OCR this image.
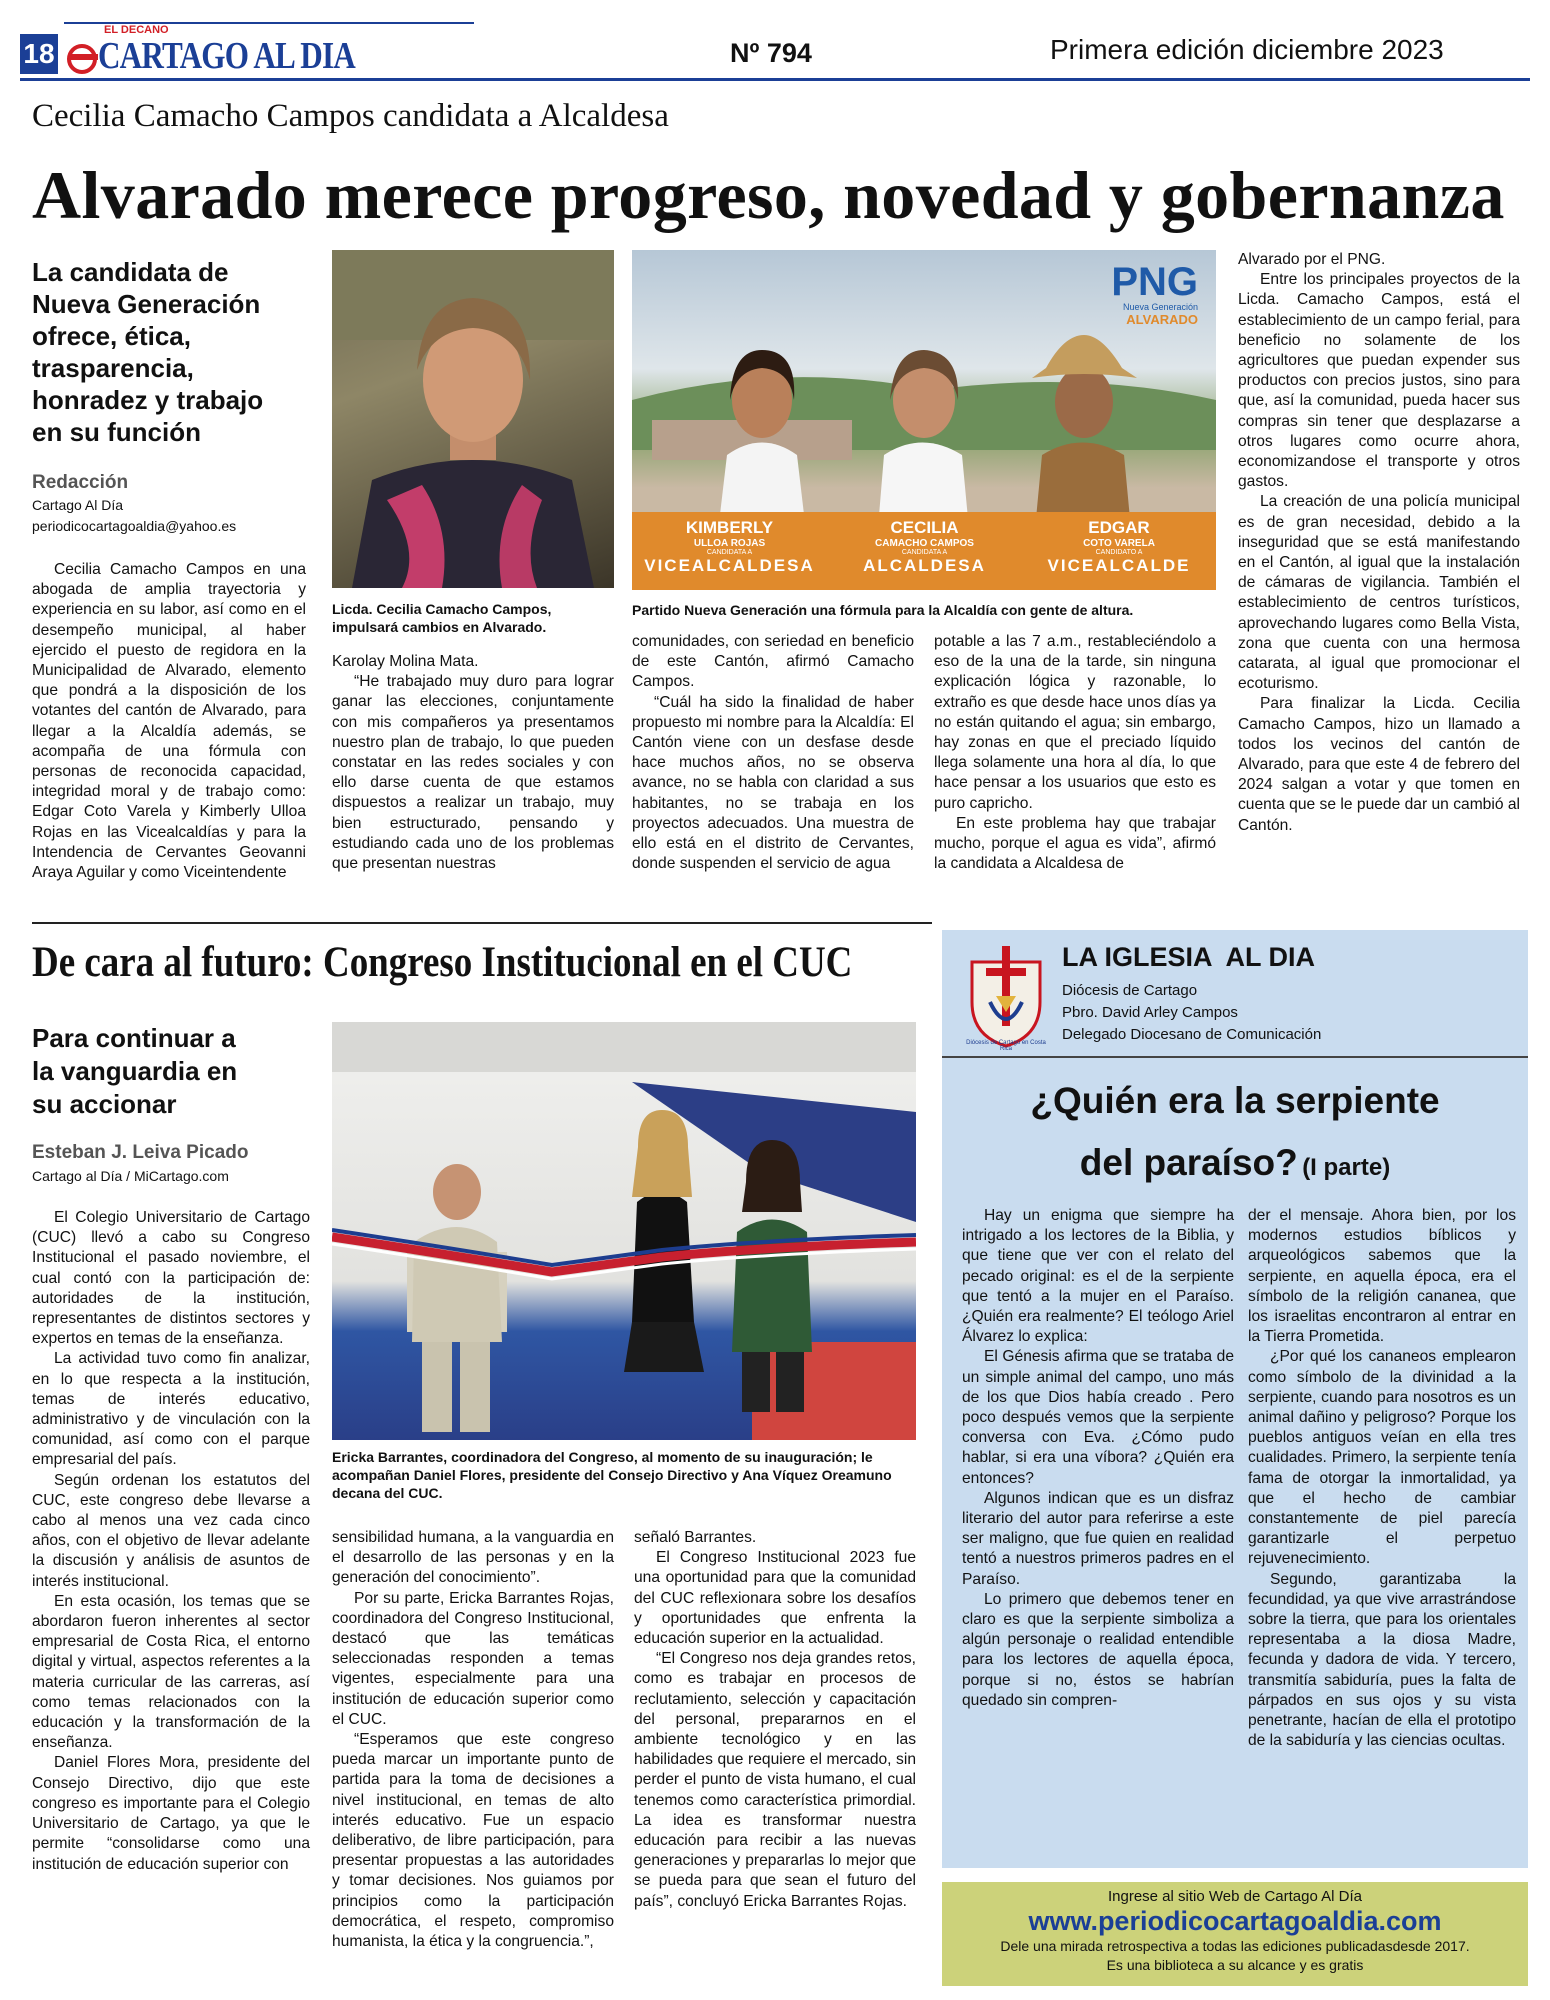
18
EL DECANO
CARTAGO AL DIA	Nº 794	Primera edición diciembre 2023
Cecilia Camacho Campos candidata a Alcaldesa
Alvarado merece progreso, novedad y gobernanza
La candidata de Nueva Generación ofrece, ética, trasparencia, honradez y trabajo en su función
Redacción
Cartago Al Día
periodicocartagoaldia@yahoo.es

Cecilia Camacho Campos en una abogada de amplia trayectoria y experiencia en su labor, así como en el desempeño municipal, al haber ejercido el puesto de regidora en la Municipalidad de Alvarado, elemento que pondrá a la disposición de los votantes del cantón de Alvarado, para llegar a la Alcaldía además, se acompaña de una fórmula con personas de reconocida capacidad, integridad moral y de trabajo como: Edgar Coto Varela y Kimberly Ulloa Rojas en las Vicealcaldías y para la Intendencia de Cervantes Geovanni Araya Aguilar y como Viceintendente

Licda. Cecilia Camacho Campos, impulsará cambios en Alvarado.

Karolay Molina Mata.

“He trabajado muy duro para lograr ganar las elecciones, conjuntamente con mis compañeros ya presentamos nuestro plan de trabajo, lo que pueden constatar en las redes sociales y con ello darse cuenta de que estamos dispuestos a realizar un trabajo, muy bien estructurado, pensando y estudiando cada uno de los problemas que presentan nuestras

PNG
Nueva Generación
ALVARADO
KIMBERLY
ULLOA ROJAS
CANDIDATA A
VICEALCALDESA
CECILIA
CAMACHO CAMPOS
CANDIDATA A
ALCALDESA
EDGAR
COTO VARELA
CANDIDATO A
VICEALCALDE
Partido Nueva Generación una fórmula para la Alcaldía con gente de altura.

comunidades, con seriedad en beneficio de este Cantón, afirmó Camacho Campos.

“Cuál ha sido la finalidad de haber propuesto mi nombre para la Alcaldía: El Cantón viene con un desfase desde hace muchos años, no se observa avance, no se habla con claridad a sus habitantes, no se trabaja en los proyectos adecuados. Una muestra de ello está en el distrito de Cervantes, donde suspenden el servicio de agua

potable a las 7 a.m., restableciéndolo a eso de la una de la tarde, sin ninguna explicación lógica y razonable, lo extraño es que desde hace unos días ya no están quitando el agua; sin embargo, hay zonas en que el preciado líquido llega solamente una hora al día, lo que hace pensar a los usuarios que esto es puro capricho.

En este problema hay que trabajar mucho, porque el agua es vida”, afirmó la candidata a Alcaldesa de

Alvarado por el PNG.

Entre los principales proyectos de la Licda. Camacho Campos, está el establecimiento de un campo ferial, para beneficio no solamente de los agricultores que puedan expender sus productos con precios justos, sino para que, así la comunidad, pueda hacer sus compras sin tener que desplazarse a otros lugares como ocurre ahora, economizandose el transporte y otros gastos.

La creación de una policía municipal es de gran necesidad, debido a la inseguridad que se está manifestando en el Cantón, al igual que la instalación de cámaras de vigilancia. También el establecimiento de centros turísticos, aprovechando lugares como Bella Vista, zona que cuenta con una hermosa catarata, al igual que promocionar el ecoturismo.

Para finalizar la Licda. Cecilia Camacho Campos, hizo un llamado a todos los vecinos del cantón de Alvarado, para que este 4 de febrero del 2024 salgan a votar y que tomen en cuenta que se le puede dar un cambió al Cantón.

De cara al futuro: Congreso Institucional en el CUC
Para continuar a la vanguardia en su accionar
Esteban J. Leiva Picado
Cartago al Día / MiCartago.com

El Colegio Universitario de Cartago (CUC) llevó a cabo su Congreso Institucional el pasado noviembre, el cual contó con la participación de: autoridades de la institución, representantes de distintos sectores y expertos en temas de la enseñanza.

La actividad tuvo como fin analizar, en lo que respecta a la institución, temas de interés educativo, administrativo y de vinculación con la comunidad, así como con el parque empresarial del país.

Según ordenan los estatutos del CUC, este congreso debe llevarse a cabo al menos una vez cada cinco años, con el objetivo de llevar adelante la discusión y análisis de asuntos de interés institucional.

En esta ocasión, los temas que se abordaron fueron inherentes al sector empresarial de Costa Rica, el entorno digital y virtual, aspectos referentes a la materia curricular de las carreras, así como temas relacionados con la educación y la transformación de la enseñanza.

Daniel Flores Mora, presidente del Consejo Directivo, dijo que este congreso es importante para el Colegio Universitario de Cartago, ya que le permite “consolidarse como una institución de educación superior con

Ericka Barrantes, coordinadora del Congreso, al momento de su inauguración; le acompañan Daniel Flores, presidente del Consejo Directivo y Ana Víquez Oreamuno decana del CUC.

sensibilidad humana, a la vanguardia en el desarrollo de las personas y en la generación del conocimiento”.

Por su parte, Ericka Barrantes Rojas, coordinadora del Congreso Institucional, destacó que las temáticas seleccionadas responden a temas vigentes, especialmente para una institución de educación superior como el CUC.

“Esperamos que este congreso pueda marcar un importante punto de partida para la toma de decisiones a nivel institucional, en temas de alto interés educativo. Fue un espacio deliberativo, de libre participación, para presentar propuestas a las autoridades y tomar decisiones. Nos guiamos por principios como la participación democrática, el respeto, compromiso humanista, la ética y la congruencia.”,

señaló Barrantes.

El Congreso Institucional 2023 fue una oportunidad para que la comunidad del CUC reflexionara sobre los desafíos y oportunidades que enfrenta la educación superior en la actualidad.

“El Congreso nos deja grandes retos, como es trabajar en procesos de reclutamiento, selección y capacitación del personal, prepararnos en el ambiente tecnológico y en las habilidades que requiere el mercado, sin perder el punto de vista humano, el cual tenemos como característica primordial. La idea es transformar nuestra educación para recibir a las nuevas generaciones y prepararlas lo mejor que se pueda para que sean el futuro del país”, concluyó Ericka Barrantes Rojas.

Diócesis de Cartago en Costa Rica
LA IGLESIA  AL DIA
Diócesis de Cartago
Pbro. David Arley Campos
Delegado Diocesano de Comunicación
¿Quién era la serpiente
del paraíso? (I parte)

Hay un enigma que siempre ha intrigado a los lectores de la Biblia, y que tiene que ver con el relato del pecado original: es el de la serpiente que tentó a la mujer en el Paraíso. ¿Quién era realmente? El teólogo Ariel Álvarez lo explica:

El Génesis afirma que se trataba de un simple animal del campo, uno más de los que Dios había creado . Pero poco después vemos que la serpiente conversa con Eva. ¿Cómo pudo hablar, si era una víbora? ¿Quién era entonces?

Algunos indican que es un disfraz literario del autor para referirse a este ser maligno, que fue quien en realidad tentó a nuestros primeros padres en el Paraíso.

Lo primero que debemos tener en claro es que la serpiente simboliza a algún personaje o realidad entendible para los lectores de aquella época, porque si no, éstos se habrían quedado sin compren-

der el mensaje. Ahora bien, por los modernos estudios bíblicos y arqueológicos sabemos que la serpiente, en aquella época, era el símbolo de la religión cananea, que los israelitas encontraron al entrar en la Tierra Prometida.

¿Por qué los cananeos emplearon como símbolo de la divinidad a la serpiente, cuando para nosotros es un animal dañino y peligroso? Porque los pueblos antiguos veían en ella tres cualidades. Primero, la serpiente tenía fama de otorgar la inmortalidad, ya que el hecho de cambiar constantemente de piel parecía garantizarle el perpetuo rejuvenecimiento.

Segundo, garantizaba la fecundidad, ya que vive arrastrándose sobre la tierra, que para los orientales representaba a la diosa Madre, fecunda y dadora de vida. Y tercero, transmitía sabiduría, pues la falta de párpados en sus ojos y su vista penetrante, hacían de ella el prototipo de la sabiduría y las ciencias ocultas.

Ingrese al sitio Web de Cartago Al Día
www.periodicocartagoaldia.com
Dele una mirada retrospectiva a todas las ediciones publicadasdesde 2017.
Es una biblioteca a su alcance y es gratis
